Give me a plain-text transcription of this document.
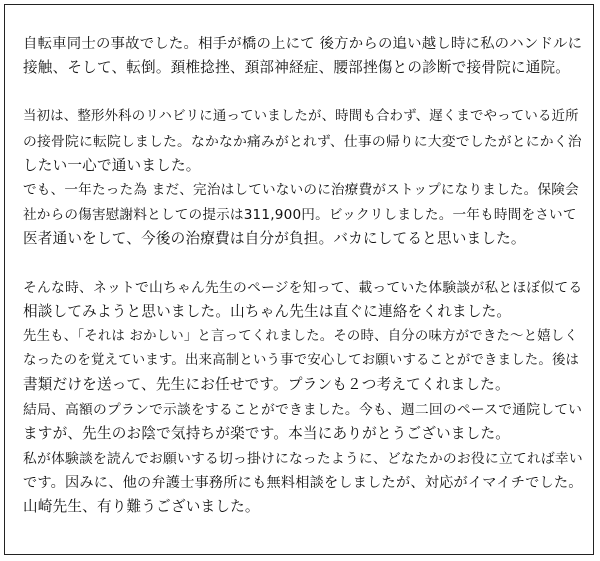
自転車同士の事故でした。相手が橋の上にて 後方からの追い越し時に私のハンドルに
接触、そして、転倒。頚椎捻挫、頚部神経症、腰部挫傷との診断で接骨院に通院。
当初は、整形外科のリハビリに通っていましたが、時間も合わず、遅くまでやっている近所
の接骨院に転院しました。なかなか痛みがとれず、仕事の帰りに大変でしたがとにかく治
したい一心で通いました。
でも、一年たった為 まだ、完治はしていないのに治療費がストップになりました。保険会
社からの傷害慰謝料としての提示は311,900円。ビックリしました。一年も時間をさいて
医者通いをして、今後の治療費は自分が負担。バカにしてると思いました。
そんな時、ネットで山ちゃん先生のページを知って、載っていた体験談が私とほぼ似てる
相談してみようと思いました。山ちゃん先生は直ぐに連絡をくれました。
先生も、「それは おかしい」と言ってくれました。その時、自分の味方ができた～と嬉しく
なったのを覚えています。出来高制という事で安心してお願いすることができました。後は
書類だけを送って、先生にお任せです。プランも２つ考えてくれました。
結局、高額のプランで示談をすることができました。今も、週二回のペースで通院してい
ますが、先生のお陰で気持ちが楽です。本当にありがとうございました。
私が体験談を読んでお願いする切っ掛けになったように、どなたかのお役に立てれば幸い
です。因みに、他の弁護士事務所にも無料相談をしましたが、対応がイマイチでした。
山崎先生、有り難うございました。
